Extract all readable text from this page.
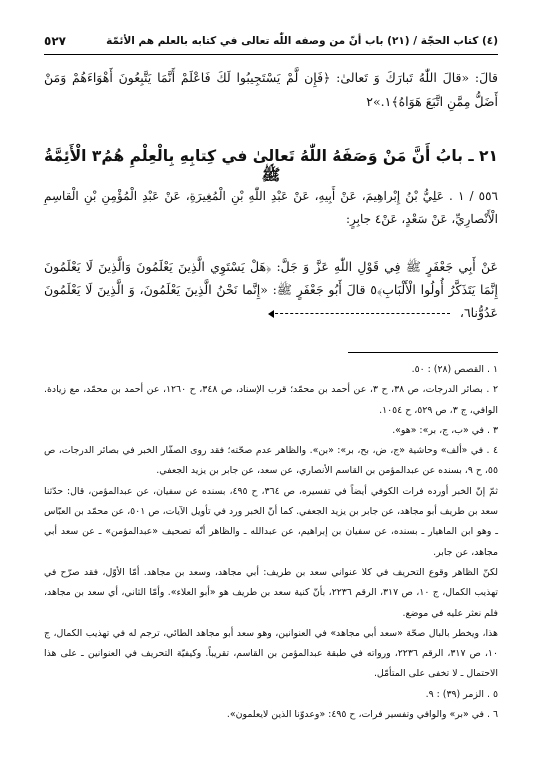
(٤) كتاب الحجّة / (٢١) باب أنّ من وصفه اللّٰه تعالى في كتابه بالعلم هم الأئمّة
٥٢٧

قالَ: «قالَ اللّٰهُ تَبارَكَ وَ تَعالىٰ: ﴿فَإِن لَّمْ يَسْتَجِيبُوا لَكَ فَاعْلَمْ أَنَّمَا يَتَّبِعُونَ أَهْوَاءَهُمْ وَمَنْ أَضَلُّ مِمَّنِ اتَّبَعَ هَوَاهُ﴾١.»٢

٢١ ـ بابُ أَنَّ مَنْ وَصَفَهُ اللّٰهُ تَعالىٰ في كِتابِهِ بِالْعِلْمِ هُمُ٣ الْأَئِمَّةُ ﷺ

٥٥٦ / ١ . عَلِيُّ بْنُ إِبْراهِيمَ، عَنْ أَبِيهِ، عَنْ عَبْدِ اللّٰهِ بْنِ الْمُغِيرَةِ، عَنْ عَبْدِ الْمُؤْمِنِ بْنِ الْقاسِمِ الْأَنْصارِيِّ، عَنْ سَعْدٍ، عَنْ٤ جابِرٍ:

عَنْ أَبِي جَعْفَرٍ ﷺ فِي قَوْلِ اللّٰهِ عَزَّ وَ جَلَّ: ﴿هَلْ يَسْتَوِي الَّذِينَ يَعْلَمُونَ وَالَّذِينَ لَا يَعْلَمُونَ إِنَّمَا يَتَذَكَّرُ أُولُوا الْأَلْبَابِ﴾٥ قالَ أَبُو جَعْفَرٍ ﷺ: «إِنَّما نَحْنُ الَّذِينَ يَعْلَمُونَ، وَ الَّذِينَ لَا يَعْلَمُونَ عَدُوُّنا٦،

١ . القصص (٢٨) : ٥٠.

٢ . بصائر الدرجات، ص ٣٨، ح ٣، عن أحمد بن محمّد؛ قرب الإسناد، ص ٣٤٨، ح ١٢٦٠، عن أحمد بن محمّد، مع زيادة. الوافي، ج ٣، ص ٥٢٩، ح ١٠٥٤.

٣ . في «ب، ج، بر»: «هو».

٤ . في «ألف» وحاشية «ج، ض، بح، بر»: «بن». والظاهر عدم صحّته؛ فقد روى الصفّار الخبر في بصائر الدرجات، ص ٥٥، ح ٩، بسنده عن عبدالمؤمن بن القاسم الأنصاري، عن سعد، عن جابر بن يزيد الجعفي.

ثمّ إنّ الخبر أورده فرات الكوفي أيضاً في تفسيره، ص ٣٦٤، ح ٤٩٥، بسنده عن سفيان، عن عبدالمؤمن، قال: حدّثنا سعد بن طريف أبو مجاهد، عن جابر بن يزيد الجعفي. كما أنّ الخبر ورد في تأويل الآيات، ص ٥٠١، عن محمّد بن العبّاس ـ وهو ابن الماهيار ـ بسنده، عن سفيان بن إبراهيم، عن عبدالله ـ والظاهر أنّه تصحيف «عبدالمؤمن» ـ عن سعد أبي مجاهد، عن جابر.

لكنّ الظاهر وقوع التحريف في كلا عنواني سعد بن طريف: أبي مجاهد، وسعد بن مجاهد. أمّا الأوّل، فقد صرّح في تهذيب الكمال، ج ١٠، ص ٣١٧، الرقم ٢٢٣٦، بأنّ كنية سعد بن طريف هو «أبو العلاء». وأمّا الثاني، أي سعد بن مجاهد، فلم نعثر عليه في موضع.

هذا، ويخطر بالبال صحّة «سعد أبي مجاهد» في العنوانين، وهو سعد أبو مجاهد الطائي، ترجم له في تهذيب الكمال، ج ١٠، ص ٣١٧، الرقم ٢٢٣٦، ورواته في طبقة عبدالمؤمن بن القاسم، تقريباً. وكيفيّة التحريف في العنوانين ـ على هذا الاحتمال ـ لا تخفى على المتأمّل.

٥ . الزمر (٣٩) : ٩.

٦ . في «بر» والوافي وتفسير فرات، ح ٤٩٥: «وعدوّنا الذين لايعلمون».
